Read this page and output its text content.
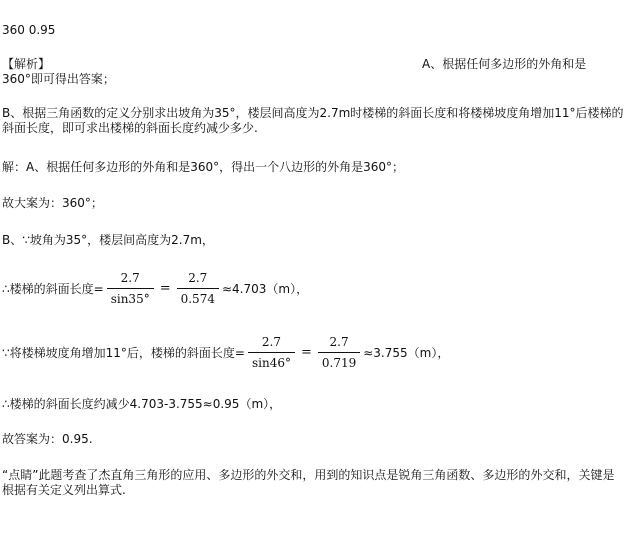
360 0.95
【解析】	A、根据任何多边形的外角和是
360°即可得出答案；
B、根据三角函数的定义分别求出坡角为35°，楼层间高度为2.7m时楼梯的斜面长度和将楼梯坡度角增加11°后楼梯的斜面长度，即可求出楼梯的斜面长度约减少多少.
解：A、根据任何多边形的外角和是360°，得出一个八边形的外角是360°；
故大案为：360°；
B、∵坡角为35°，楼层间高度为2.7m，
∴楼梯的斜面长度= $\frac{2.7}{\sin 35^\circ} = \frac{2.7}{0.574} \approx 4.703(m)$，
∵将楼梯坡度角增加11°后，楼梯的斜面长度= $\frac{2.7}{\sin 46^\circ} = \frac{2.7}{0.719} \approx 3.755(m)$，
∴楼梯的斜面长度约减少4.703-3.755≈0.95（m），
故答案为：0.95.
“点睛”此题考查了杰直角三角形的应用、多边形的外交和，用到的知识点是锐角三角函数、多边形的外交和，关键是根据有关定义列出算式.
